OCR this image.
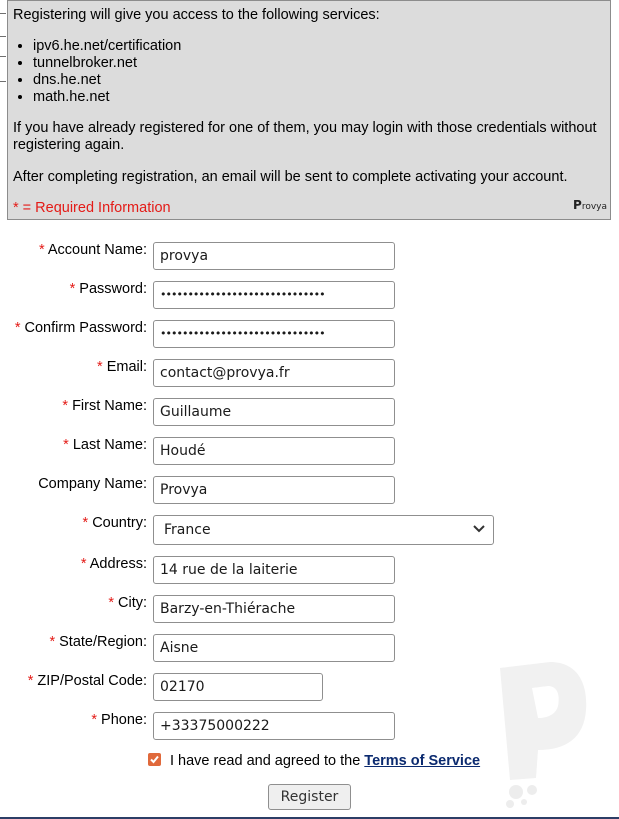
Registering will give you access to the following services:
• ipv6.he.net/certification
• tunnelbroker.net
• dns.he.net
• math.he.net
If you have already registered for one of them, you may login with those credentials without registering again.
After completing registration, an email will be sent to complete activating your account.
* = Required Information	Provya
* Account Name: provya
* Password:	••••••••••••••••••••••••••••••
* Confirm Password:	••••••••••••••••••••••••••••••
* Email: contact@provya.fr
* First Name: Guillaume
* Last Name: Houdé
Company Name: Provya
* Country:	France
* Address: 14 rue de la laiterie
* City: Barzy-en-Thiérache
* State/Region: Aisne
* ZIP/Postal Code: 02170
* Phone: +33375000222
I have read and agreed to the Terms of Service
Register
